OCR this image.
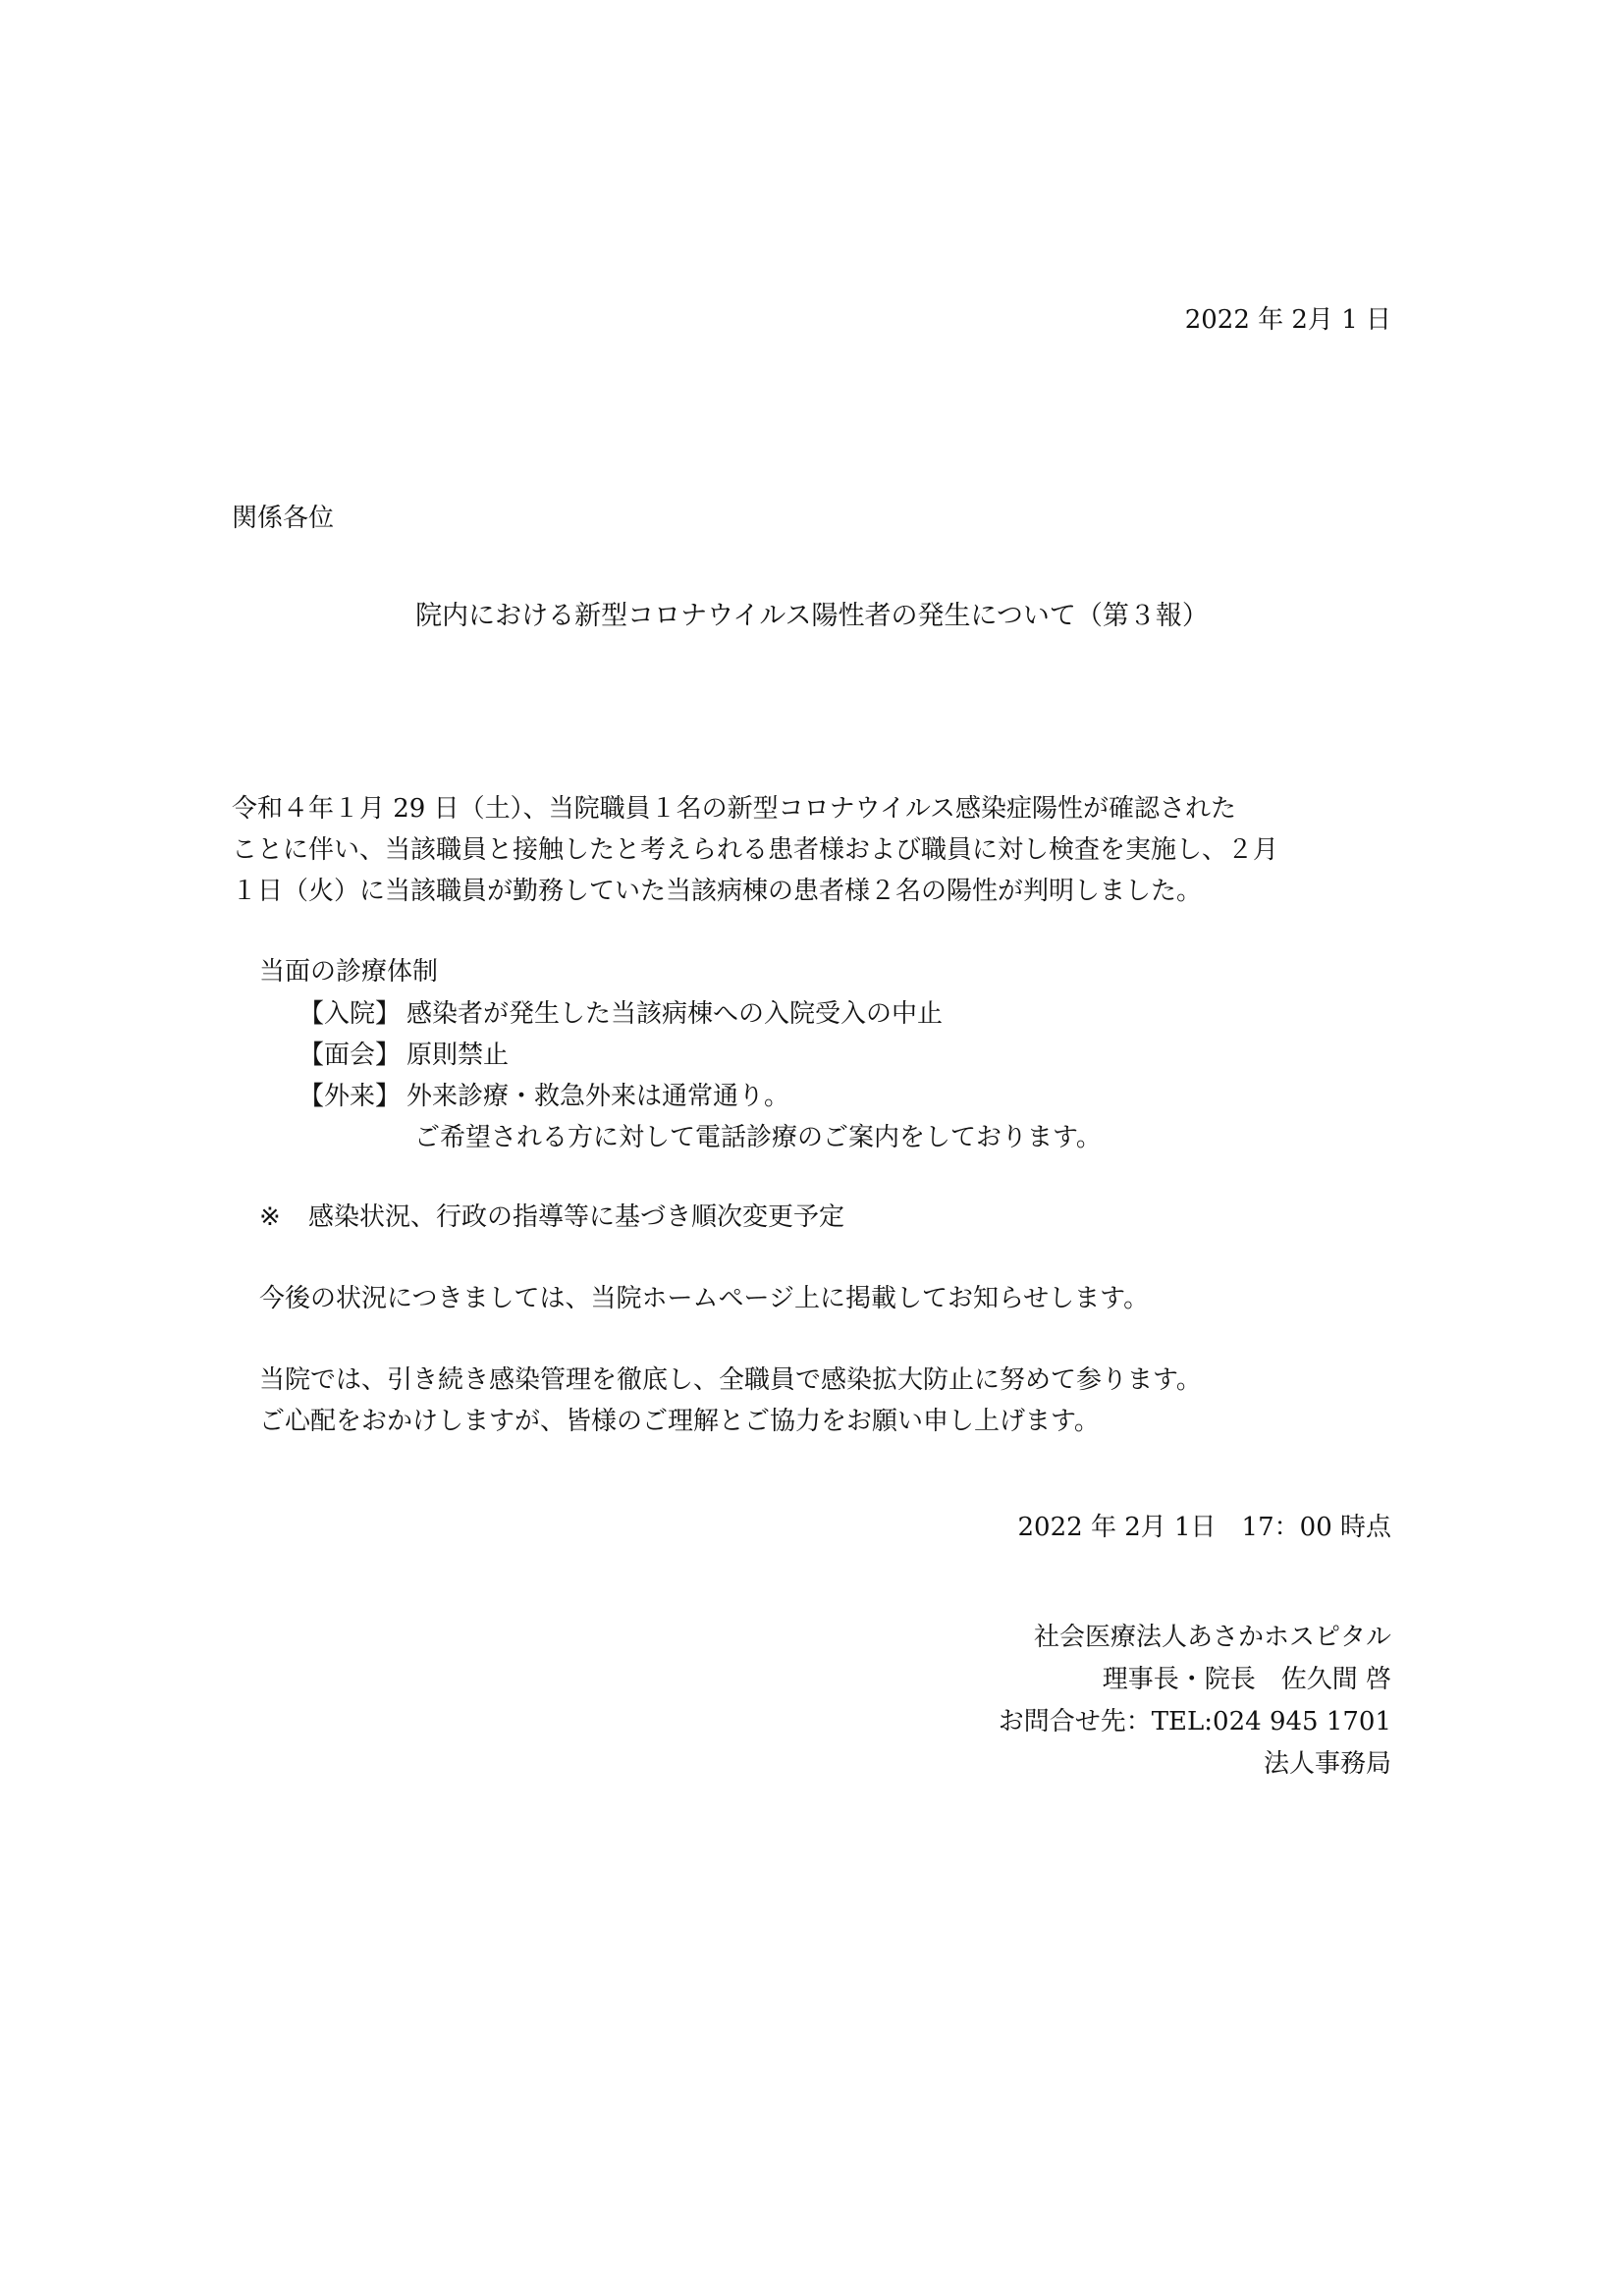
2022 年 2月 1 日
関係各位
院内における新型コロナウイルス陽性者の発生について（第３報）
令和４年１月 29 日（土）、当院職員１名の新型コロナウイルス感染症陽性が確認された
ことに伴い、当該職員と接触したと考えられる患者様および職員に対し検査を実施し、２月
１日（火）に当該職員が勤務していた当該病棟の患者様２名の陽性が判明しました。
当面の診療体制
【入院】 感染者が発生した当該病棟への入院受入の中止
【面会】 原則禁止
【外来】 外来診療・救急外来は通常通り。
ご希望される方に対して電話診療のご案内をしております。
※ 感染状況、行政の指導等に基づき順次変更予定
今後の状況につきましては、当院ホームページ上に掲載してお知らせします。
当院では、引き続き感染管理を徹底し、全職員で感染拡大防止に努めて参ります。
ご心配をおかけしますが、皆様のご理解とご協力をお願い申し上げます。
2022 年 2月 1日　17：00 時点
社会医療法人あさかホスピタル
理事長・院長　佐久間 啓
お問合せ先：TEL:024 945 1701
法人事務局
